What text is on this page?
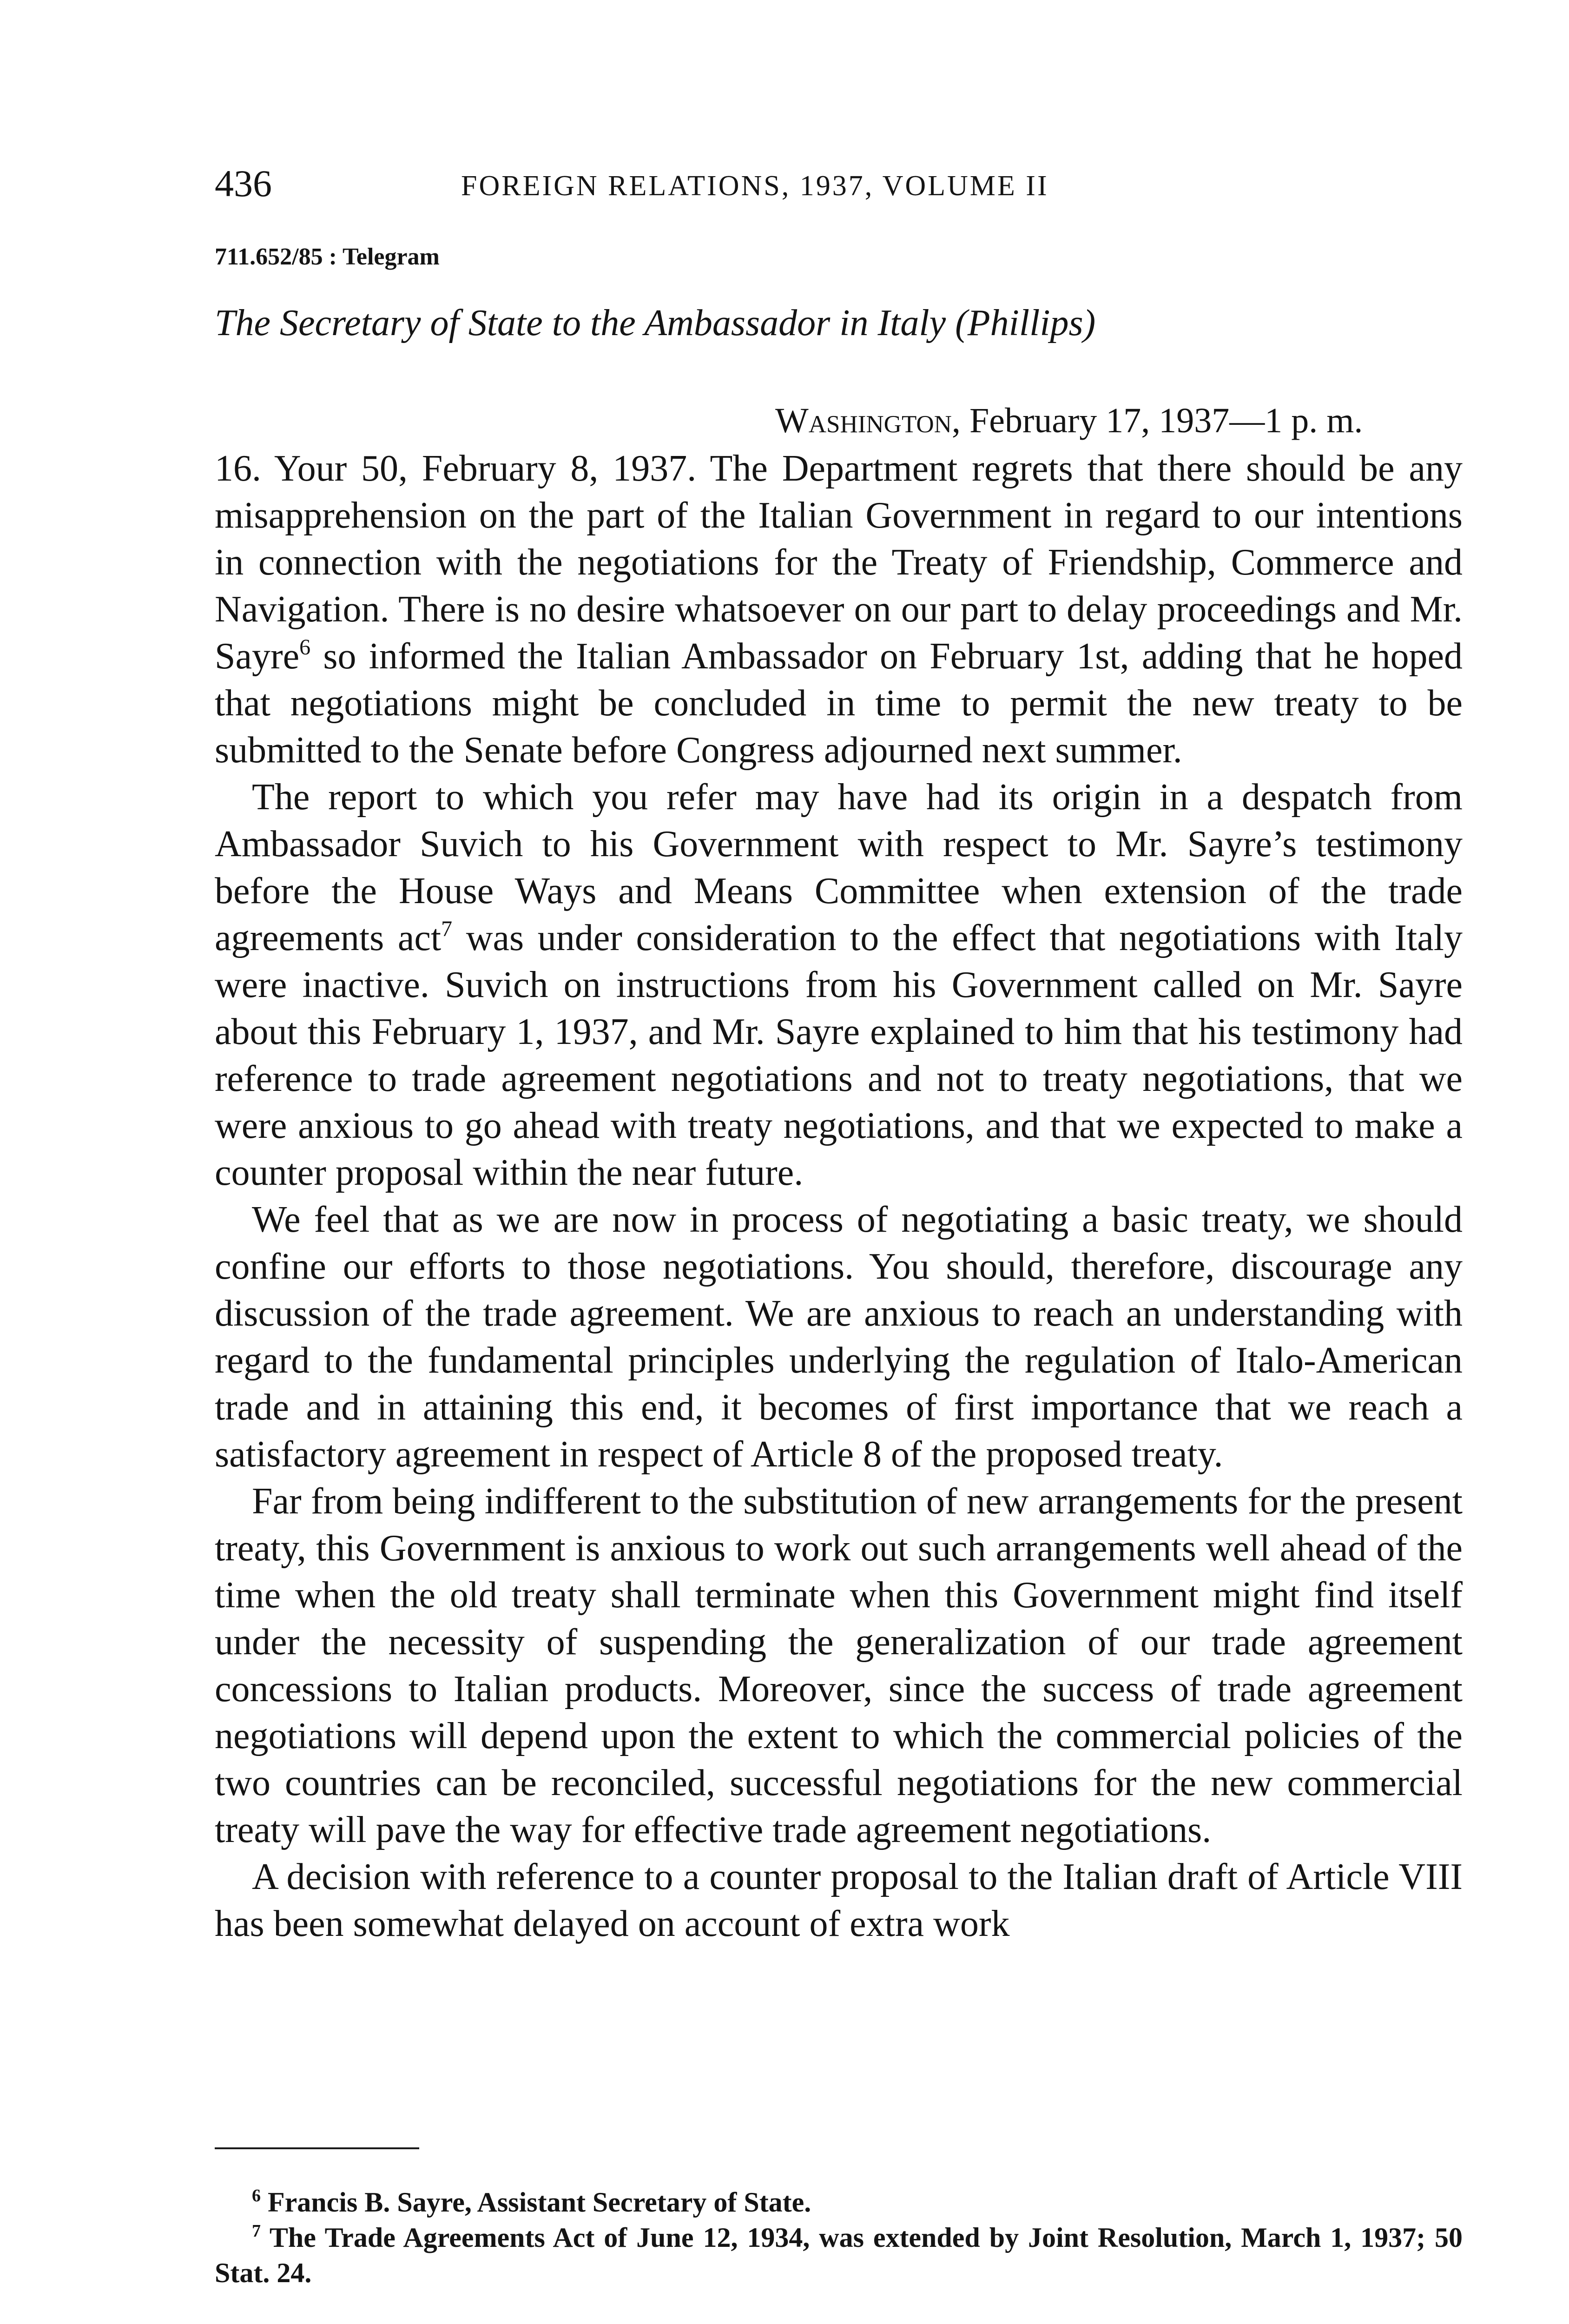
436	FOREIGN RELATIONS, 1937, VOLUME II
711.652/85 : Telegram
The Secretary of State to the Ambassador in Italy (Phillips)
Washington, February 17, 1937—1 p. m.

16. Your 50, February 8, 1937. The Department regrets that there should be any misapprehension on the part of the Italian Government in regard to our intentions in connection with the negotiations for the Treaty of Friendship, Commerce and Navigation. There is no desire whatsoever on our part to delay proceedings and Mr. Sayre$^6$ so informed the Italian Ambassador on February 1st, adding that he hoped that negotiations might be concluded in time to permit the new treaty to be submitted to the Senate before Congress adjourned next summer.

The report to which you refer may have had its origin in a despatch from Ambassador Suvich to his Government with respect to Mr. Sayre’s testimony before the House Ways and Means Committee when extension of the trade agreements act$^7$ was under consideration to the effect that negotiations with Italy were inactive. Suvich on instructions from his Government called on Mr. Sayre about this February 1, 1937, and Mr. Sayre explained to him that his testimony had reference to trade agreement negotiations and not to treaty negotiations, that we were anxious to go ahead with treaty negotiations, and that we expected to make a counter proposal within the near future.

We feel that as we are now in process of negotiating a basic treaty, we should confine our efforts to those negotiations. You should, therefore, discourage any discussion of the trade agreement. We are anxious to reach an understanding with regard to the fundamental principles underlying the regulation of Italo-American trade and in attaining this end, it becomes of first importance that we reach a satisfactory agreement in respect of Article 8 of the proposed treaty.

Far from being indifferent to the substitution of new arrangements for the present treaty, this Government is anxious to work out such arrangements well ahead of the time when the old treaty shall terminate when this Government might find itself under the necessity of suspending the generalization of our trade agreement concessions to Italian products. Moreover, since the success of trade agreement negotiations will depend upon the extent to which the commercial policies of the two countries can be reconciled, successful negotiations for the new commercial treaty will pave the way for effective trade agreement negotiations.

A decision with reference to a counter proposal to the Italian draft of Article VIII has been somewhat delayed on account of extra work

$^6$ Francis B. Sayre, Assistant Secretary of State.

$^7$ The Trade Agreements Act of June 12, 1934, was extended by Joint Resolution, March 1, 1937; 50 Stat. 24.
